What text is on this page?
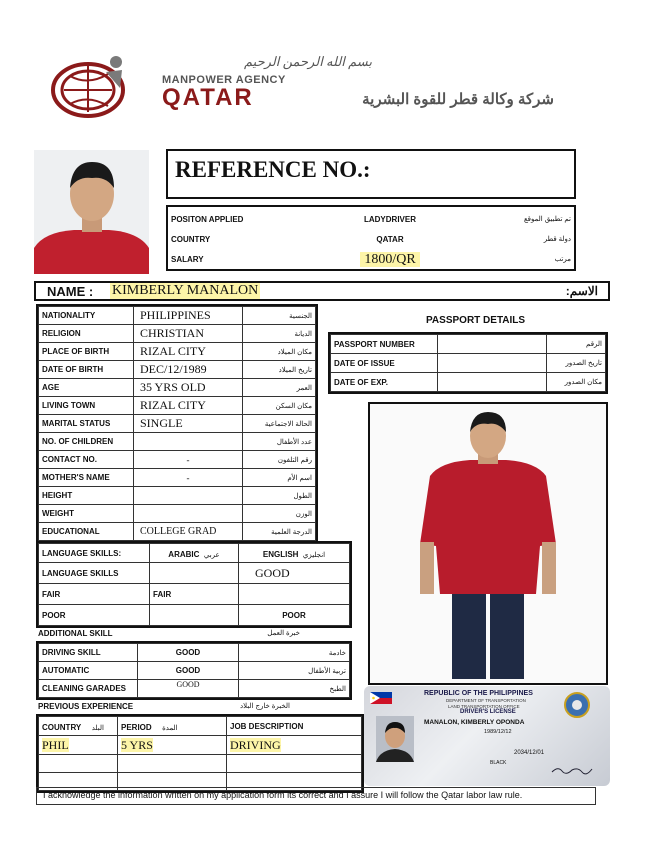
بسم الله الرحمن الرحيم
MANPOWER AGENCY
QATAR	شركة وكالة قطر للقوة البشرية
REFERENCE NO.:
POSITON APPLIED	LADYDRIVER	تم تطبيق الموقع
COUNTRY	QATAR	دولة قطر
SALARY	1800/QR	مرتب
NAME : KIMBERLY MANALON	الاسم:
NATIONALITY	PHILIPPINES	الجنسية
RELIGION	CHRISTIAN	الديانة
PLACE OF BIRTH	RIZAL CITY	مكان الميلاد
DATE OF BIRTH	DEC/12/1989	تاريخ الميلاد
AGE	35 YRS OLD	العمر
LIVING TOWN	RIZAL CITY	مكان السكن
MARITAL STATUS	SINGLE	الحالة الاجتماعية
NO. OF CHILDREN		عدد الأطفال
CONTACT NO.	-	رقم التلفون
MOTHER'S NAME	-	اسم الأم
HEIGHT		الطول
WEIGHT		الوزن
EDUCATIONAL	COLLEGE GRAD	الدرجة العلمية
PASSPORT DETAILS
PASSPORT NUMBER		الرقم
DATE OF ISSUE		تاريخ الصدور
DATE OF EXP.		مكان الصدور
LANGUAGE SKILLS:	ARABIC عربي	ENGLISH انجليزي
LANGUAGE SKILLS		GOOD
FAIR	FAIR	
POOR		POOR
ADDITIONAL SKILL	خبرة العمل
DRIVING SKILL	GOOD	خادمة
AUTOMATIC	GOOD	تربية الأطفال
CLEANING GARADES	GOOD	الطبخ
PREVIOUS EXPERIENCE	الخبرة خارج البلاد
COUNTRY البلد	PERIOD المدة	JOB DESCRIPTION
PHIL	5 YRS	DRIVING

REPUBLIC OF THE PHILIPPINES
DEPARTMENT OF TRANSPORTATION
LAND TRANSPORTATION OFFICE
DRIVER'S LICENSE
MANALON, KIMBERLY OPONDA
1989/12/12
2034/12/01
BLACK
I acknowledge the information written on my application form its correct and I assure I will follow the Qatar labor law rule.
